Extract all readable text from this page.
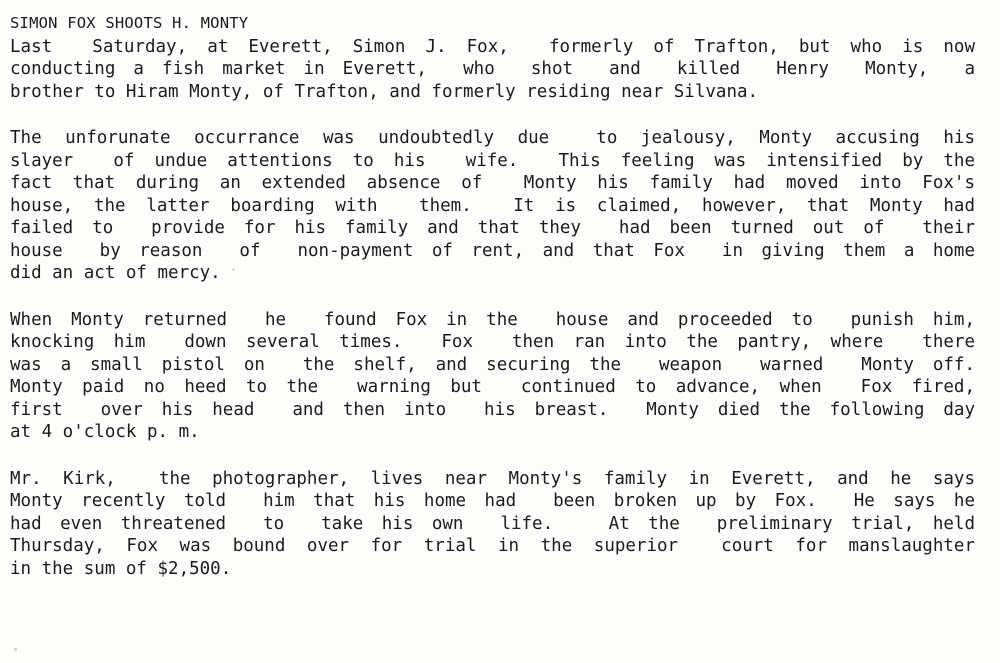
SIMON FOX SHOOTS H. MONTY
Last  Saturday, at Everett, Simon J. Fox,  formerly of Trafton, but who is now
conducting a fish market in Everett,  who  shot  and  killed  Henry  Monty,  a
brother to Hiram Monty, of Trafton, and formerly residing near Silvana.
The unforunate occurrance was undoubtedly due  to jealousy, Monty accusing his
slayer  of undue attentions to his  wife.  This feeling was intensified by the
fact that during an extended absence of  Monty his family had moved into Fox's
house, the latter boarding with  them.  It is claimed, however, that Monty had
failed to  provide for his family and that they  had been turned out of  their
house  by reason  of  non-payment of rent, and that Fox  in giving them a home
did an act of mercy.
When Monty returned  he  found Fox in the  house and proceeded to  punish him,
knocking him  down several times.  Fox  then ran into the pantry, where  there
was a small pistol on  the shelf, and securing the  weapon  warned  Monty off.
Monty paid no heed to the  warning but  continued to advance, when  Fox fired,
first  over his head  and then into  his breast.  Monty died the following day
at 4 o'clock p. m.
Mr. Kirk,  the photographer, lives near Monty's family in Everett, and he says
Monty recently told  him that his home had  been broken up by Fox.  He says he
had even threatened  to  take his own  life.   At the  preliminary trial, held
Thursday, Fox was bound over for trial in the superior  court for manslaughter
in the sum of $2,500.
